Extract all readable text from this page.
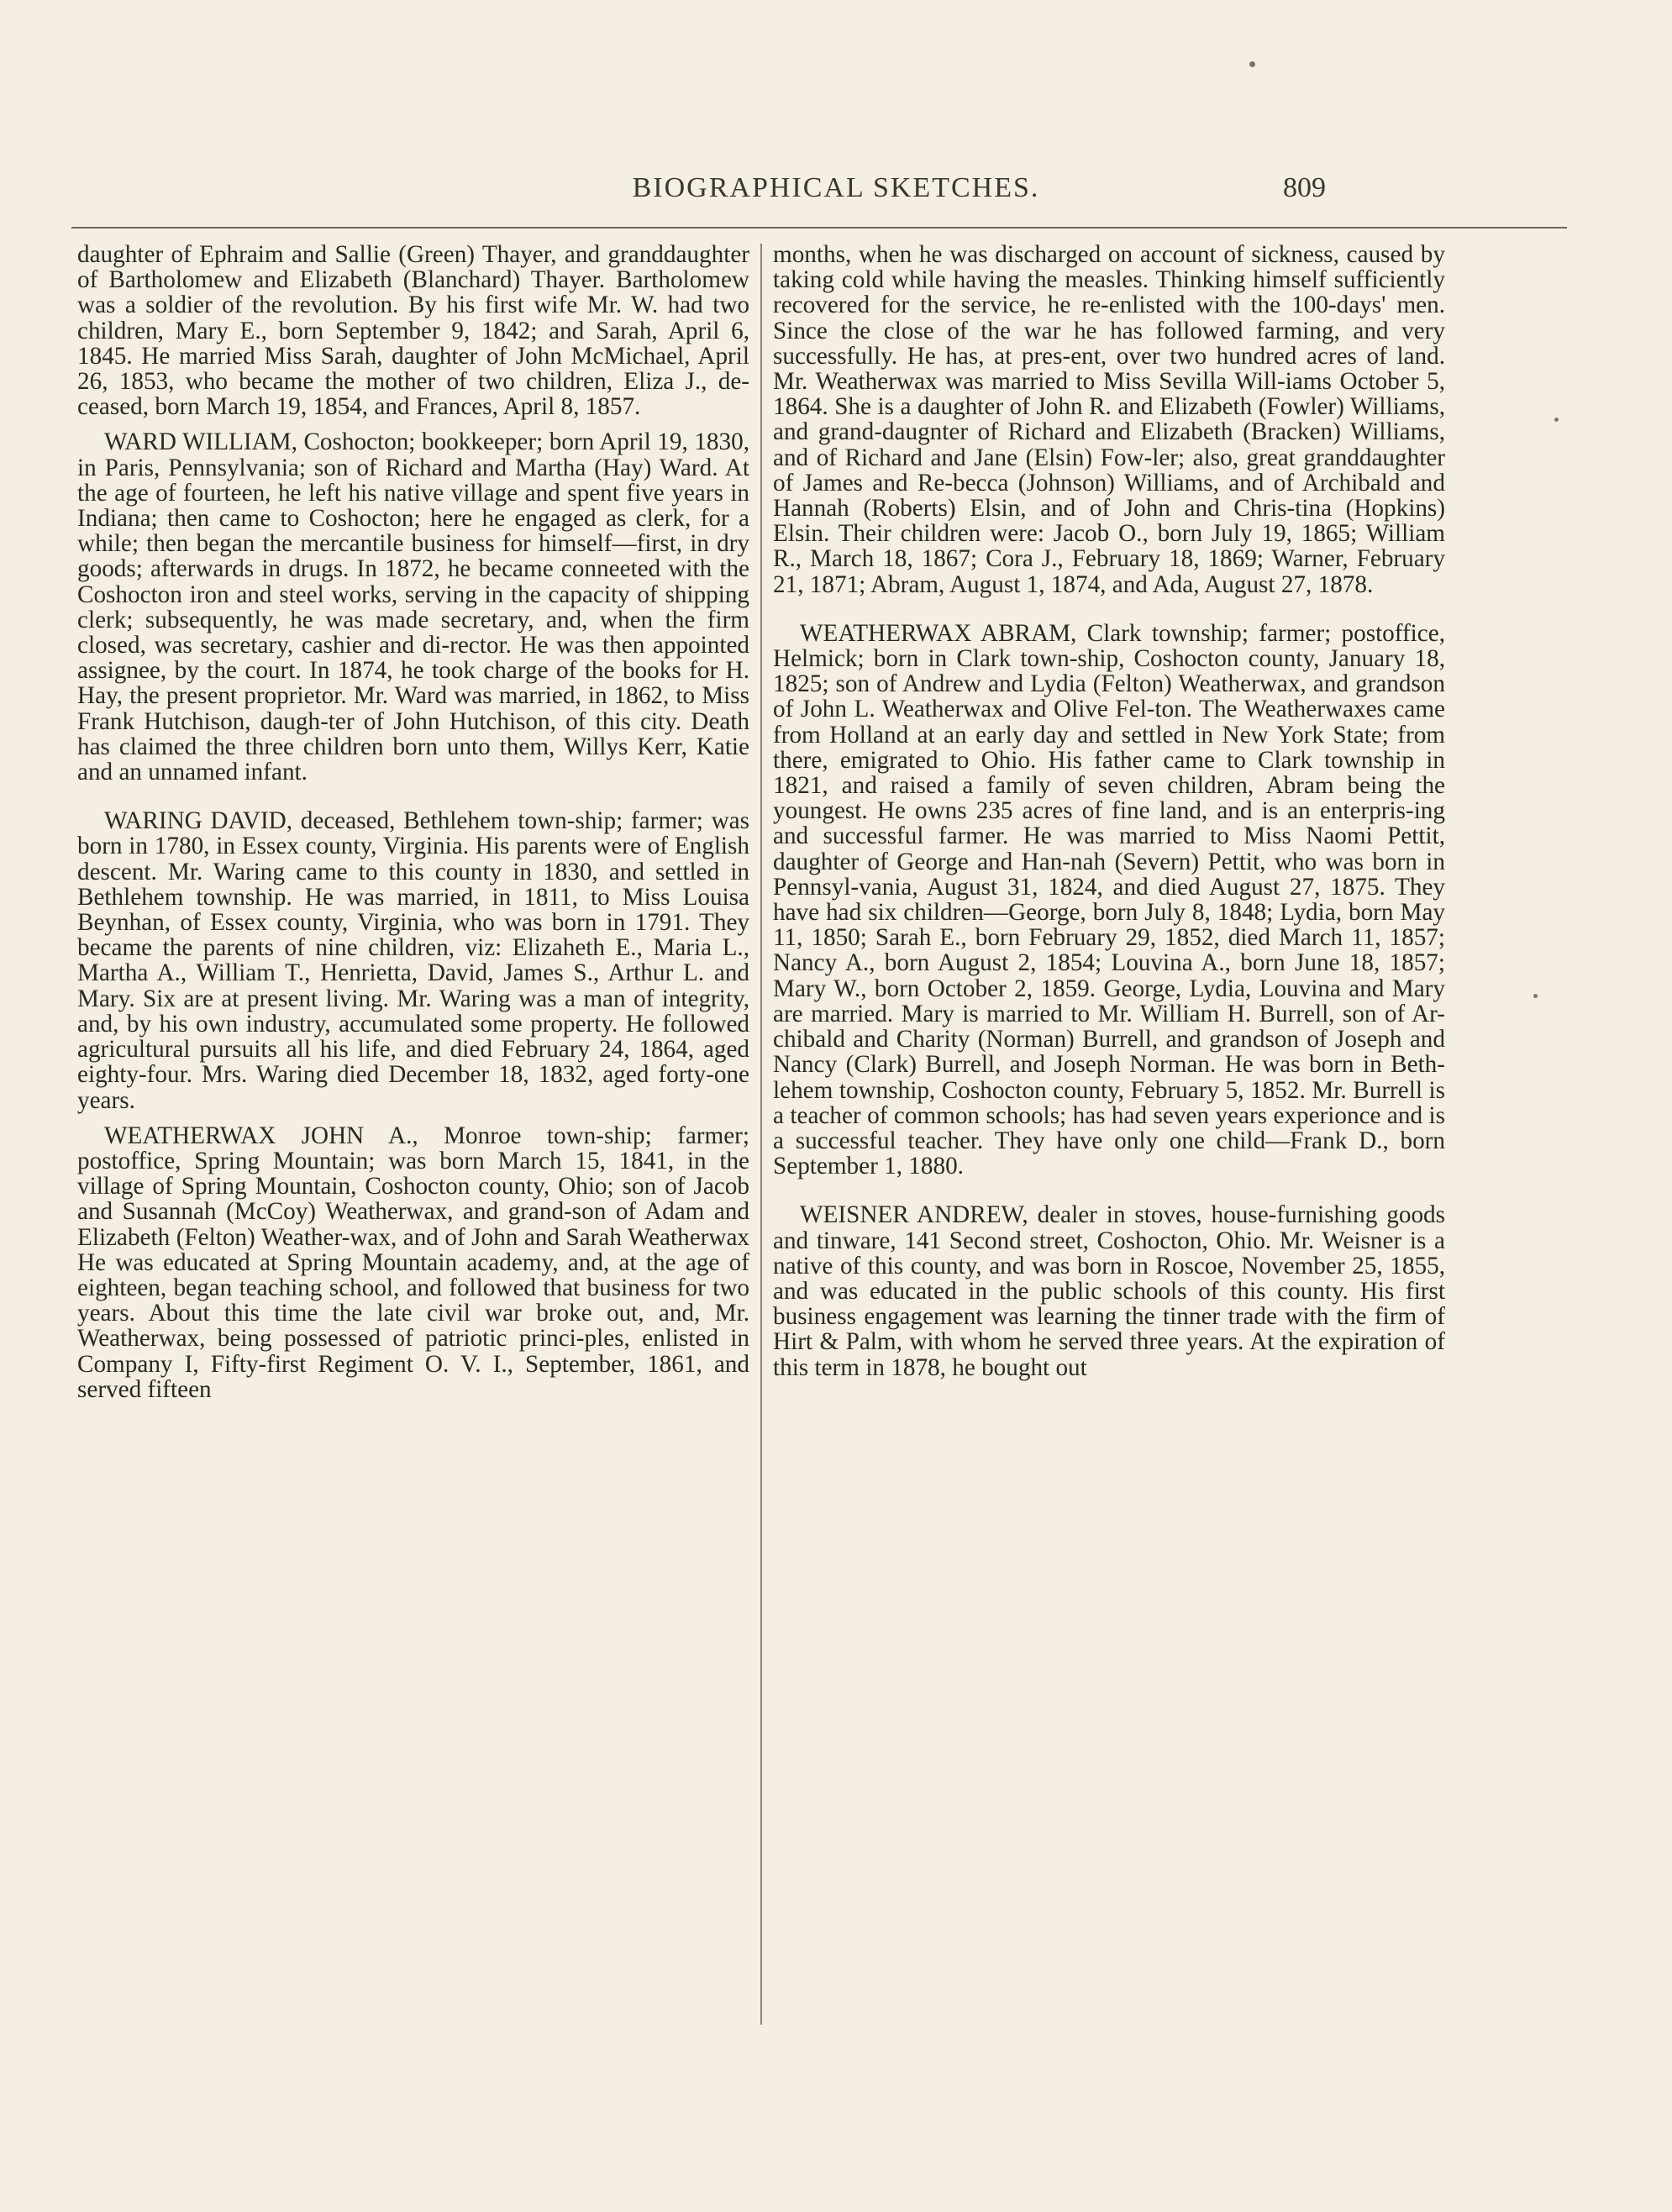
BIOGRAPHICAL SKETCHES.	809

daughter of Ephraim and Sallie (Green) Thayer, and granddaughter of Bartholomew and Elizabeth (Blanchard) Thayer. Bartholomew was a soldier of the revolution. By his first wife Mr. W. had two children, Mary E., born September 9, 1842; and Sarah, April 6, 1845. He married Miss Sarah, daughter of John McMichael, April 26, 1853, who became the mother of two children, Eliza J., de-ceased, born March 19, 1854, and Frances, April 8, 1857.

WARD WILLIAM, Coshocton; bookkeeper; born April 19, 1830, in Paris, Pennsylvania; son of Richard and Martha (Hay) Ward. At the age of fourteen, he left his native village and spent five years in Indiana; then came to Coshocton; here he engaged as clerk, for a while; then began the mercantile business for himself—first, in dry goods; afterwards in drugs. In 1872, he became conneeted with the Coshocton iron and steel works, serving in the capacity of shipping clerk; subsequently, he was made secretary, and, when the firm closed, was secretary, cashier and di-rector. He was then appointed assignee, by the court. In 1874, he took charge of the books for H. Hay, the present proprietor. Mr. Ward was married, in 1862, to Miss Frank Hutchison, daugh-ter of John Hutchison, of this city. Death has claimed the three children born unto them, Willys Kerr, Katie and an unnamed infant.

WARING DAVID, deceased, Bethlehem town-ship; farmer; was born in 1780, in Essex county, Virginia. His parents were of English descent. Mr. Waring came to this county in 1830, and settled in Bethlehem township. He was married, in 1811, to Miss Louisa Beynhan, of Essex county, Virginia, who was born in 1791. They became the parents of nine children, viz: Elizaheth E., Maria L., Martha A., William T., Henrietta, David, James S., Arthur L. and Mary. Six are at present living. Mr. Waring was a man of integrity, and, by his own industry, accumulated some property. He followed agricultural pursuits all his life, and died February 24, 1864, aged eighty-four. Mrs. Waring died December 18, 1832, aged forty-one years.

WEATHERWAX JOHN A., Monroe town-ship; farmer; postoffice, Spring Mountain; was born March 15, 1841, in the village of Spring Mountain, Coshocton county, Ohio; son of Jacob and Susannah (McCoy) Weatherwax, and grand-son of Adam and Elizabeth (Felton) Weather-wax, and of John and Sarah Weatherwax He was educated at Spring Mountain academy, and, at the age of eighteen, began teaching school, and followed that business for two years. About this time the late civil war broke out, and, Mr. Weatherwax, being possessed of patriotic princi-ples, enlisted in Company I, Fifty-first Regiment O. V. I., September, 1861, and served fifteen

months, when he was discharged on account of sickness, caused by taking cold while having the measles. Thinking himself sufficiently recovered for the service, he re-enlisted with the 100-days' men. Since the close of the war he has followed farming, and very successfully. He has, at pres-ent, over two hundred acres of land. Mr. Weatherwax was married to Miss Sevilla Will-iams October 5, 1864. She is a daughter of John R. and Elizabeth (Fowler) Williams, and grand-daugnter of Richard and Elizabeth (Bracken) Williams, and of Richard and Jane (Elsin) Fow-ler; also, great granddaughter of James and Re-becca (Johnson) Williams, and of Archibald and Hannah (Roberts) Elsin, and of John and Chris-tina (Hopkins) Elsin. Their children were: Jacob O., born July 19, 1865; William R., March 18, 1867; Cora J., February 18, 1869; Warner, February 21, 1871; Abram, August 1, 1874, and Ada, August 27, 1878.

WEATHERWAX ABRAM, Clark township; farmer; postoffice, Helmick; born in Clark town-ship, Coshocton county, January 18, 1825; son of Andrew and Lydia (Felton) Weatherwax, and grandson of John L. Weatherwax and Olive Fel-ton. The Weatherwaxes came from Holland at an early day and settled in New York State; from there, emigrated to Ohio. His father came to Clark township in 1821, and raised a family of seven children, Abram being the youngest. He owns 235 acres of fine land, and is an enterpris-ing and successful farmer. He was married to Miss Naomi Pettit, daughter of George and Han-nah (Severn) Pettit, who was born in Pennsyl-vania, August 31, 1824, and died August 27, 1875. They have had six children—George, born July 8, 1848; Lydia, born May 11, 1850; Sarah E., born February 29, 1852, died March 11, 1857; Nancy A., born August 2, 1854; Louvina A., born June 18, 1857; Mary W., born October 2, 1859. George, Lydia, Louvina and Mary are married. Mary is married to Mr. William H. Burrell, son of Ar-chibald and Charity (Norman) Burrell, and grandson of Joseph and Nancy (Clark) Burrell, and Joseph Norman. He was born in Beth-lehem township, Coshocton county, February 5, 1852. Mr. Burrell is a teacher of common schools; has had seven years experionce and is a successful teacher. They have only one child—Frank D., born September 1, 1880.

WEISNER ANDREW, dealer in stoves, house-furnishing goods and tinware, 141 Second street, Coshocton, Ohio. Mr. Weisner is a native of this county, and was born in Roscoe, November 25, 1855, and was educated in the public schools of this county. His first business engagement was learning the tinner trade with the firm of Hirt & Palm, with whom he served three years. At the expiration of this term in 1878, he bought out
